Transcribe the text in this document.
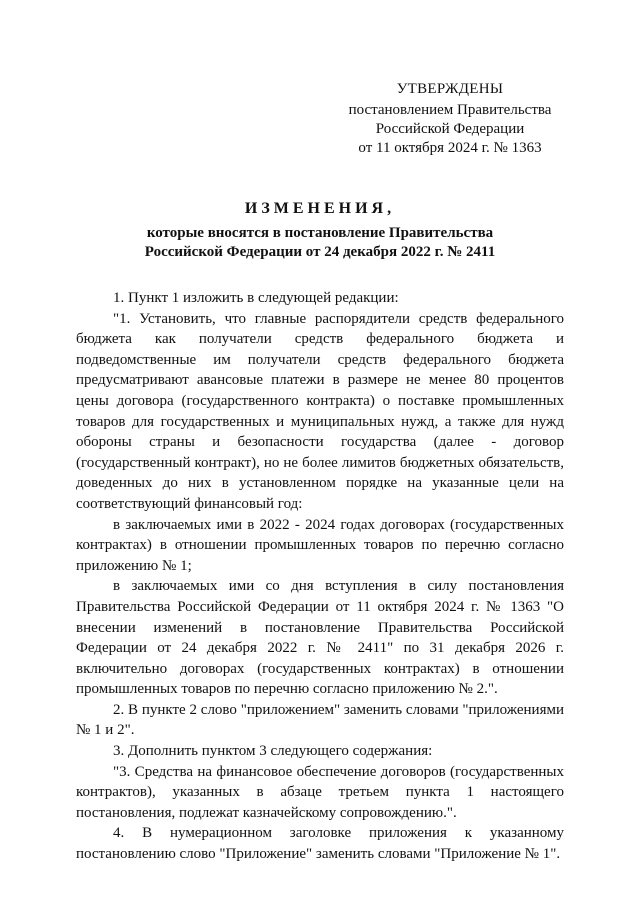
УТВЕРЖДЕНЫ
постановлением Правительства
Российской Федерации
от 11 октября 2024 г. № 1363
ИЗМЕНЕНИЯ,
которые вносятся в постановление Правительства
Российской Федерации от 24 декабря 2022 г. № 2411

1. Пункт 1 изложить в следующей редакции:

"1. Установить, что главные распорядители средств федерального бюджета как получатели средств федерального бюджета и подведомственные им получатели средств федерального бюджета предусматривают авансовые платежи в размере не менее 80 процентов цены договора (государственного контракта) о поставке промышленных товаров для государственных и муниципальных нужд, а также для нужд обороны страны и безопасности государства (далее - договор (государственный контракт), но не более лимитов бюджетных обязательств, доведенных до них в установленном порядке на указанные цели на соответствующий финансовый год:

в заключаемых ими в 2022 - 2024 годах договорах (государственных контрактах) в отношении промышленных товаров по перечню согласно приложению № 1;

в заключаемых ими со дня вступления в силу постановления Правительства Российской Федерации от 11 октября 2024 г. № 1363 "О внесении изменений в постановление Правительства Российской Федерации от 24 декабря 2022 г. № 2411" по 31 декабря 2026 г. включительно договорах (государственных контрактах) в отношении промышленных товаров по перечню согласно приложению № 2.".

2. В пункте 2 слово "приложением" заменить словами "приложениями № 1 и 2".

3. Дополнить пунктом 3 следующего содержания:

"3. Средства на финансовое обеспечение договоров (государственных контрактов), указанных в абзаце третьем пункта 1 настоящего постановления, подлежат казначейскому сопровождению.".

4. В нумерационном заголовке приложения к указанному постановлению слово "Приложение" заменить словами "Приложение № 1".
